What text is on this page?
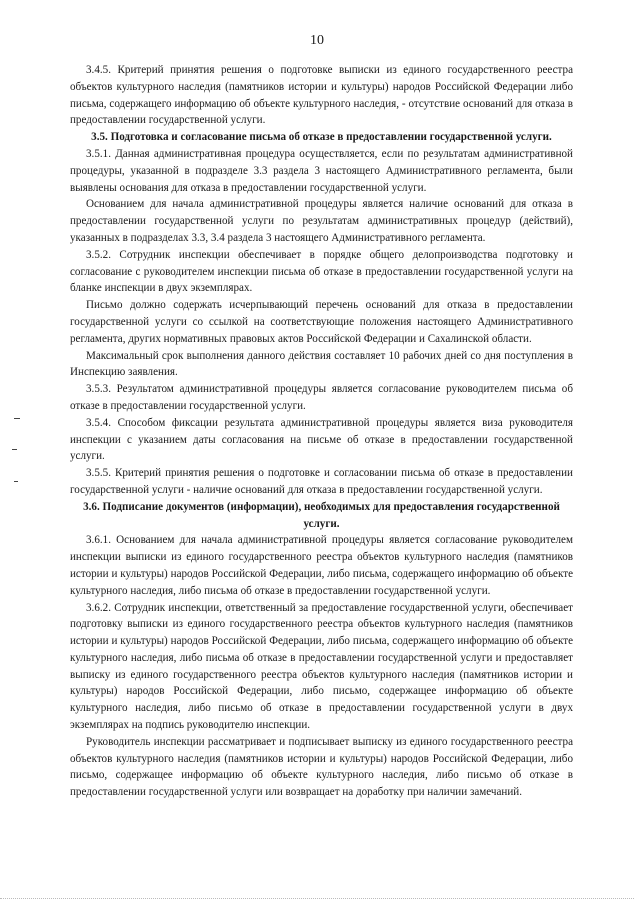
10

3.4.5. Критерий принятия решения о подготовке выписки из единого государственного реестра объектов культурного наследия (памятников истории и культуры) народов Российской Федерации либо письма, содержащего информацию об объекте культурного наследия, - отсутствие оснований для отказа в предоставлении государственной услуги.

3.5. Подготовка и согласование письма об отказе в предоставлении государственной услуги.

3.5.1. Данная административная процедура осуществляется, если по результатам административной процедуры, указанной в подразделе 3.3 раздела 3 настоящего Административного регламента, были выявлены основания для отказа в предоставлении государственной услуги.

Основанием для начала административной процедуры является наличие оснований для отказа в предоставлении государственной услуги по результатам административных процедур (действий), указанных в подразделах 3.3, 3.4 раздела 3 настоящего Административного регламента.

3.5.2. Сотрудник инспекции обеспечивает в порядке общего делопроизводства подготовку и согласование с руководителем инспекции письма об отказе в предоставлении государственной услуги на бланке инспекции в двух экземплярах.

Письмо должно содержать исчерпывающий перечень оснований для отказа в предоставлении государственной услуги со ссылкой на соответствующие положения настоящего Административного регламента, других нормативных правовых актов Российской Федерации и Сахалинской области.

Максимальный срок выполнения данного действия составляет 10 рабочих дней со дня поступления в Инспекцию заявления.

3.5.3. Результатом административной процедуры является согласование руководителем письма об отказе в предоставлении государственной услуги.

3.5.4. Способом фиксации результата административной процедуры является виза руководителя инспекции с указанием даты согласования на письме об отказе в предоставлении государственной услуги.

3.5.5. Критерий принятия решения о подготовке и согласовании письма об отказе в предоставлении государственной услуги - наличие оснований для отказа в предоставлении государственной услуги.

3.6. Подписание документов (информации), необходимых для предоставления государственной услуги.

3.6.1. Основанием для начала административной процедуры является согласование руководителем инспекции выписки из единого государственного реестра объектов культурного наследия (памятников истории и культуры) народов Российской Федерации, либо письма, содержащего информацию об объекте культурного наследия, либо письма об отказе в предоставлении государственной услуги.

3.6.2. Сотрудник инспекции, ответственный за предоставление государственной услуги, обеспечивает подготовку выписки из единого государственного реестра объектов культурного наследия (памятников истории и культуры) народов Российской Федерации, либо письма, содержащего информацию об объекте культурного наследия, либо письма об отказе в предоставлении государственной услуги и предоставляет выписку из единого государственного реестра объектов культурного наследия (памятников истории и культуры) народов Российской Федерации, либо письмо, содержащее информацию об объекте культурного наследия, либо письмо об отказе в предоставлении государственной услуги в двух экземплярах на подпись руководителю инспекции.

Руководитель инспекции рассматривает и подписывает выписку из единого государственного реестра объектов культурного наследия (памятников истории и культуры) народов Российской Федерации, либо письмо, содержащее информацию об объекте культурного наследия, либо письмо об отказе в предоставлении государственной услуги или возвращает на доработку при наличии замечаний.
